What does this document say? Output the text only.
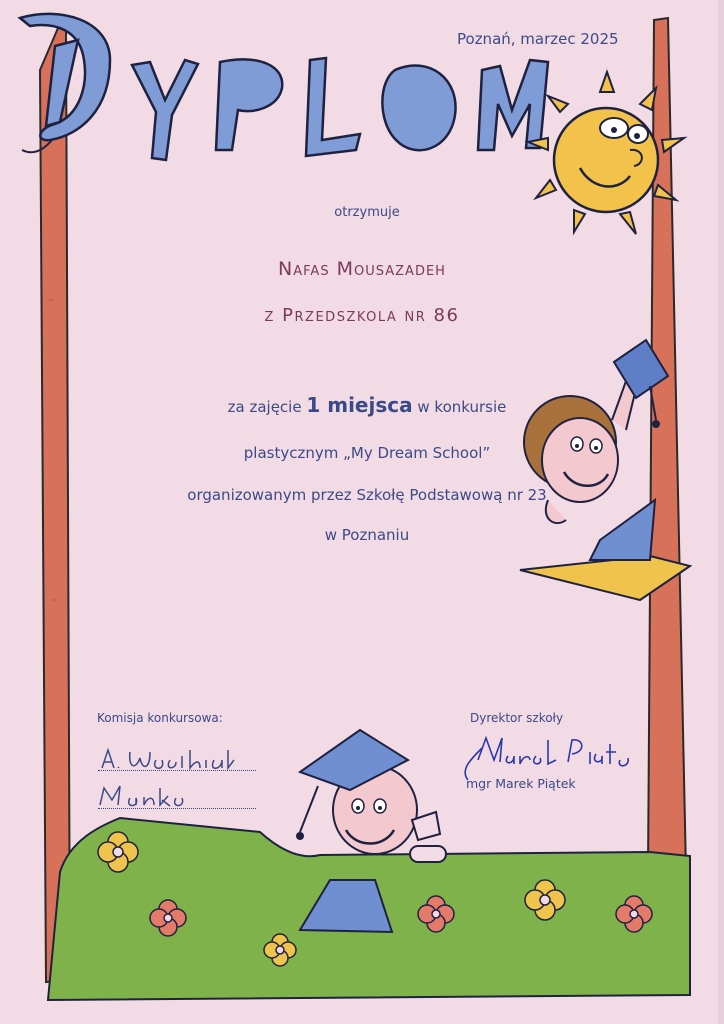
Poznań, marzec 2025
otrzymuje
Nafas Mousazadeh
z Przedszkola nr 86
za zajęcie 1 miejsca w konkursie
plastycznym „My Dream School”
organizowanym przez Szkołę Podstawową nr 23
w Poznaniu
Komisja konkursowa:	Dyrektor szkoły
mgr Marek Piątek
